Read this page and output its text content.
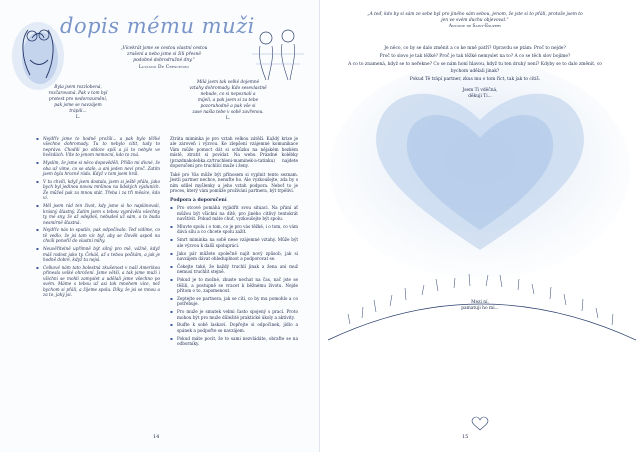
dopis mému muži
„Vícekrát jsme se cestou vlastní cestou
zrušení a nebo jsme si žili přesně
podobné dobrodružné dny.“
Luciano De Crescenzo
Byla jsem rozzlobená,
rozčarovaná. Pak v tom byl
protest pro nedorozumění,
pak jsme se navzájem
trápili...
L.
Milá jsem tak velké dojemné
vztahy dohromady. Kdo sesevlastně
nebude, co si nepoznali a
míjeli, a pak jsem si za tebe
pozoruhodně a pak vše si
zase našla tebe v sobě zavřenou.
L.
▪ Nejdřív jsme to hodně prožili... a pak bylo těžké všechno dohromady. Tu to nebylo cítit, tady to neprávo. Chodili po obloze spíš a já to nebylo ve hvězdách. Víte to jenom nemocní, kdo to zná.
▪ Myslím, že jsme si něco dopověděli. Přišlo mi divné, že oba už víme, co se stalo, a ani jeden neví proč. Zatím jsem byla hrozně ráda. Když v tom jsem hrál.
▪ V tu chvíli, když jsem dostala, jsem si ještě přála, jako bych byl jedinou novou mršinou na lidských výsluních. Že můžeš pak za mnou stát. Třeba i za tři měsíce, kdo ví.
▪ Měl jsem rád ten život, kdy jsme si ho naplánovali, krásný šťastný. Zatím jsem s tebou vyprávěla všechny ty mé sny, že až odejdeš, nebudeš už sám, a to budu nesmírně šťastná.
▪ Nejdřív nás to sputilo, pak odpočívalo. Teď vidíme, co tě vedlo, že jsi tam víc byl, aby se člověk aspoň na chvíli ponořil do vlastní mlhy.
▪ Neuvěřitelně upřímně být silný pro mě, vážně, když máš radost jako ty. Čekáš, až s tebou počkám, a jak je hodně dobré, když tu nejsi.
▪ Celkové nám tato bolestná zkušenost v naší Amerikou přinesla velké ohrožení. Jsme větší, a tak jsme muži i všichni se mohli zamyslet a udělali jsme všechno po svém. Máme s tebou už asi tak mnohem více, než bychom si přáli, a žijeme spolu. Díky, že jsi se mnou a za to, jaký jsi.

Ztráta miminka je pro vztah velkou zátěží. Každý krize je ale zároveň i výzvou. Ke zlepšení vzájemné komunikace Vám může pomoct dát si schůzku na nějakém hezkém místě, ztratit si povídat. Na webu Prázdné kolébky (prazdnakolebka.cz/truchleni-maminek-a-tatinku) najdete doporučení pro truchlící muže i ženy.

Také pro Vás může být přínosem si vyplnit tento seznam. Jestli partner nechce, nenuťte ho. Ale vyzkoušejte, zda by s ním sdílel myšlenky a jeho vztah podpora. Neboť to je proces, který vám pomůže prožívání partnera, být trpěliví.

Podpora a doporučení
▪ Pro otcové pomáhá vyjádřit svou situaci. Na přání ať můžou být všichni na dítě, pro jiného citlivý tentokrát navštívit. Pokud máte chuť, vyzkoušejte být spolu.
▪ Mluvte spolu i o tom, co je pro vás těžké, i o tom, co vám dává sílu a co chcete spolu zažít.
▪ Smrt miminka na sobě nese vzájemné vztahy. Může být ale výzvou k další spolupráci.
▪ Jako pár můžete společně najít nový způsob, jak si navzájem dávat ohleduplnost a podporovat se.
▪ Čekejte také, že každý truchlí jinak a žena ani muž nemusí truchlit stejně.
▪ Pokud je to možné, zkuste nechat na čas, nač jste se těšili, a postupně se vracet k běžnému životu. Nejde přitom o to, zapomenout.
▪ Zeptejte se partnera, jak se cítí, co by mu pomohlo a co potřebuje.
▪ Pro muže je smutek velmi často spojený s prací. Proto mohou být pro muže důležité praktické úkoly a aktivity.
▪ Buďte k sobě laskaví. Dopřejte si odpočinek, jídlo a spánek a podpořte se navzájem.
▪ Pokud máte pocit, že to sami nezvládáte, obraťte se na odborníky.
14
„A teď, kdo by si sám ze sebe byl pro jiného sám sebou, jenom, že jste si to přáli, protože jsem to jen ve svém duchu objevoval.“
Antoine de Saint-Exupéry

Je něco, co by se dalo změnit a co ke mně patří? Opravdu se ptám: Proč to nejde?

Proč to slovo je tak těžké? Proč je tak těžké nemyslet na to? A co se těch slov bojíme?

A co to znamená, když se to neřekne? Co se nám honí hlavou, když tu ten druhý není? Kdyby se to dalo změnit, co bychom udělali jinak?

Pokud Tě trápí partner, zkus mu o tom říct, tak jak to cítíš.

Jsem Ti vděčná,
děkuji Ti...
Mezi ní,
pamatuji ho mi...
15
